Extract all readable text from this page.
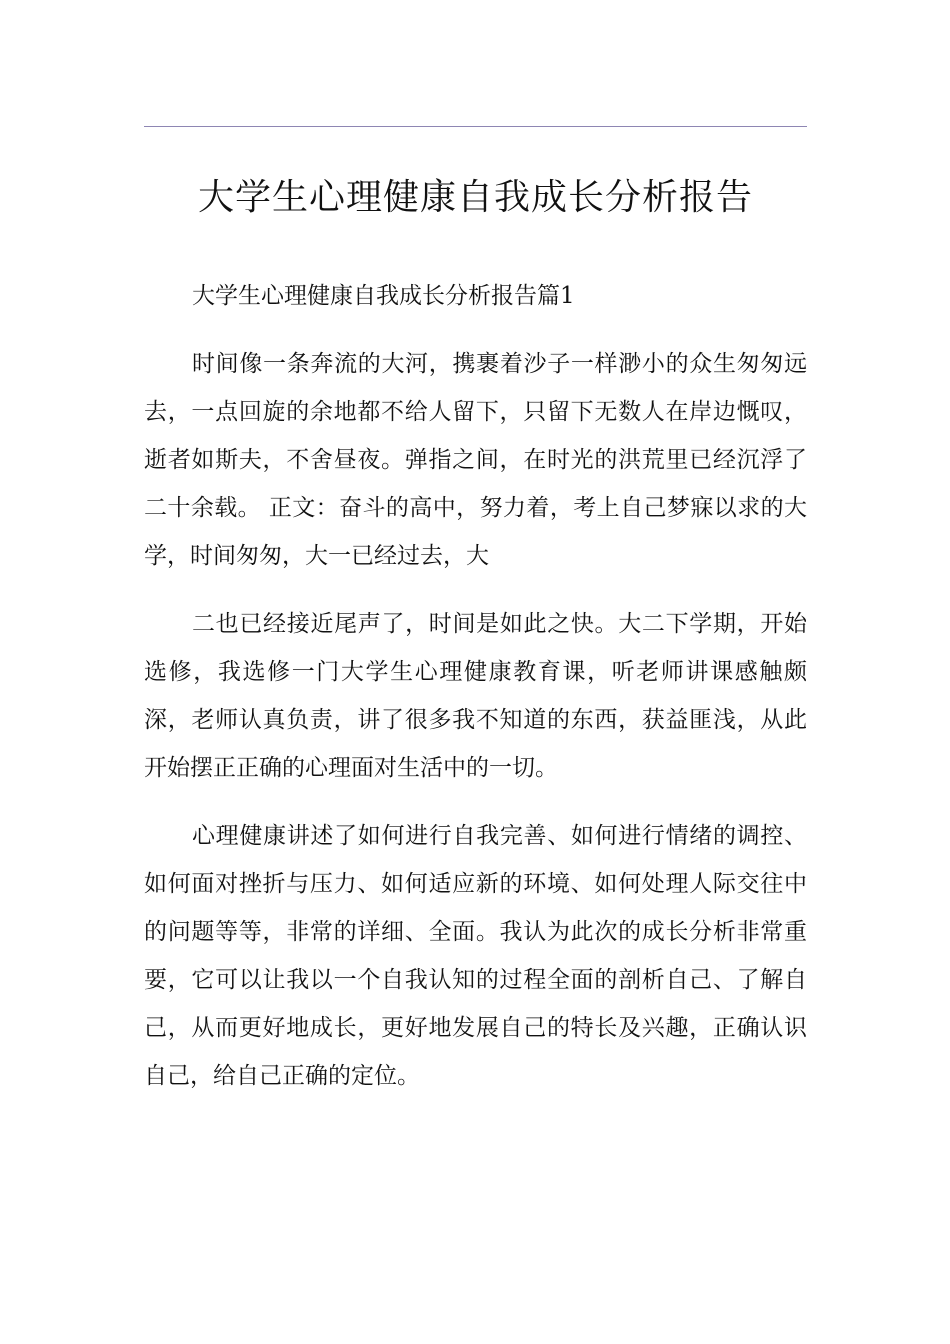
大学生心理健康自我成长分析报告

大学生心理健康自我成长分析报告篇1

时间像一条奔流的大河，携裹着沙子一样渺小的众生匆匆远去，一点回旋的余地都不给人留下，只留下无数人在岸边慨叹，逝者如斯夫，不舍昼夜。弹指之间，在时光的洪荒里已经沉浮了二十余载。 正文：奋斗的高中，努力着，考上自己梦寐以求的大学，时间匆匆，大一已经过去，大

二也已经接近尾声了，时间是如此之快。大二下学期，开始选修，我选修一门大学生心理健康教育课，听老师讲课感触颇深，老师认真负责，讲了很多我不知道的东西，获益匪浅，从此开始摆正正确的心理面对生活中的一切。

心理健康讲述了如何进行自我完善、如何进行情绪的调控、如何面对挫折与压力、如何适应新的环境、如何处理人际交往中的问题等等，非常的详细、全面。我认为此次的成长分析非常重要，它可以让我以一个自我认知的过程全面的剖析自己、了解自己，从而更好地成长，更好地发展自己的特长及兴趣，正确认识自己，给自己正确的定位。
